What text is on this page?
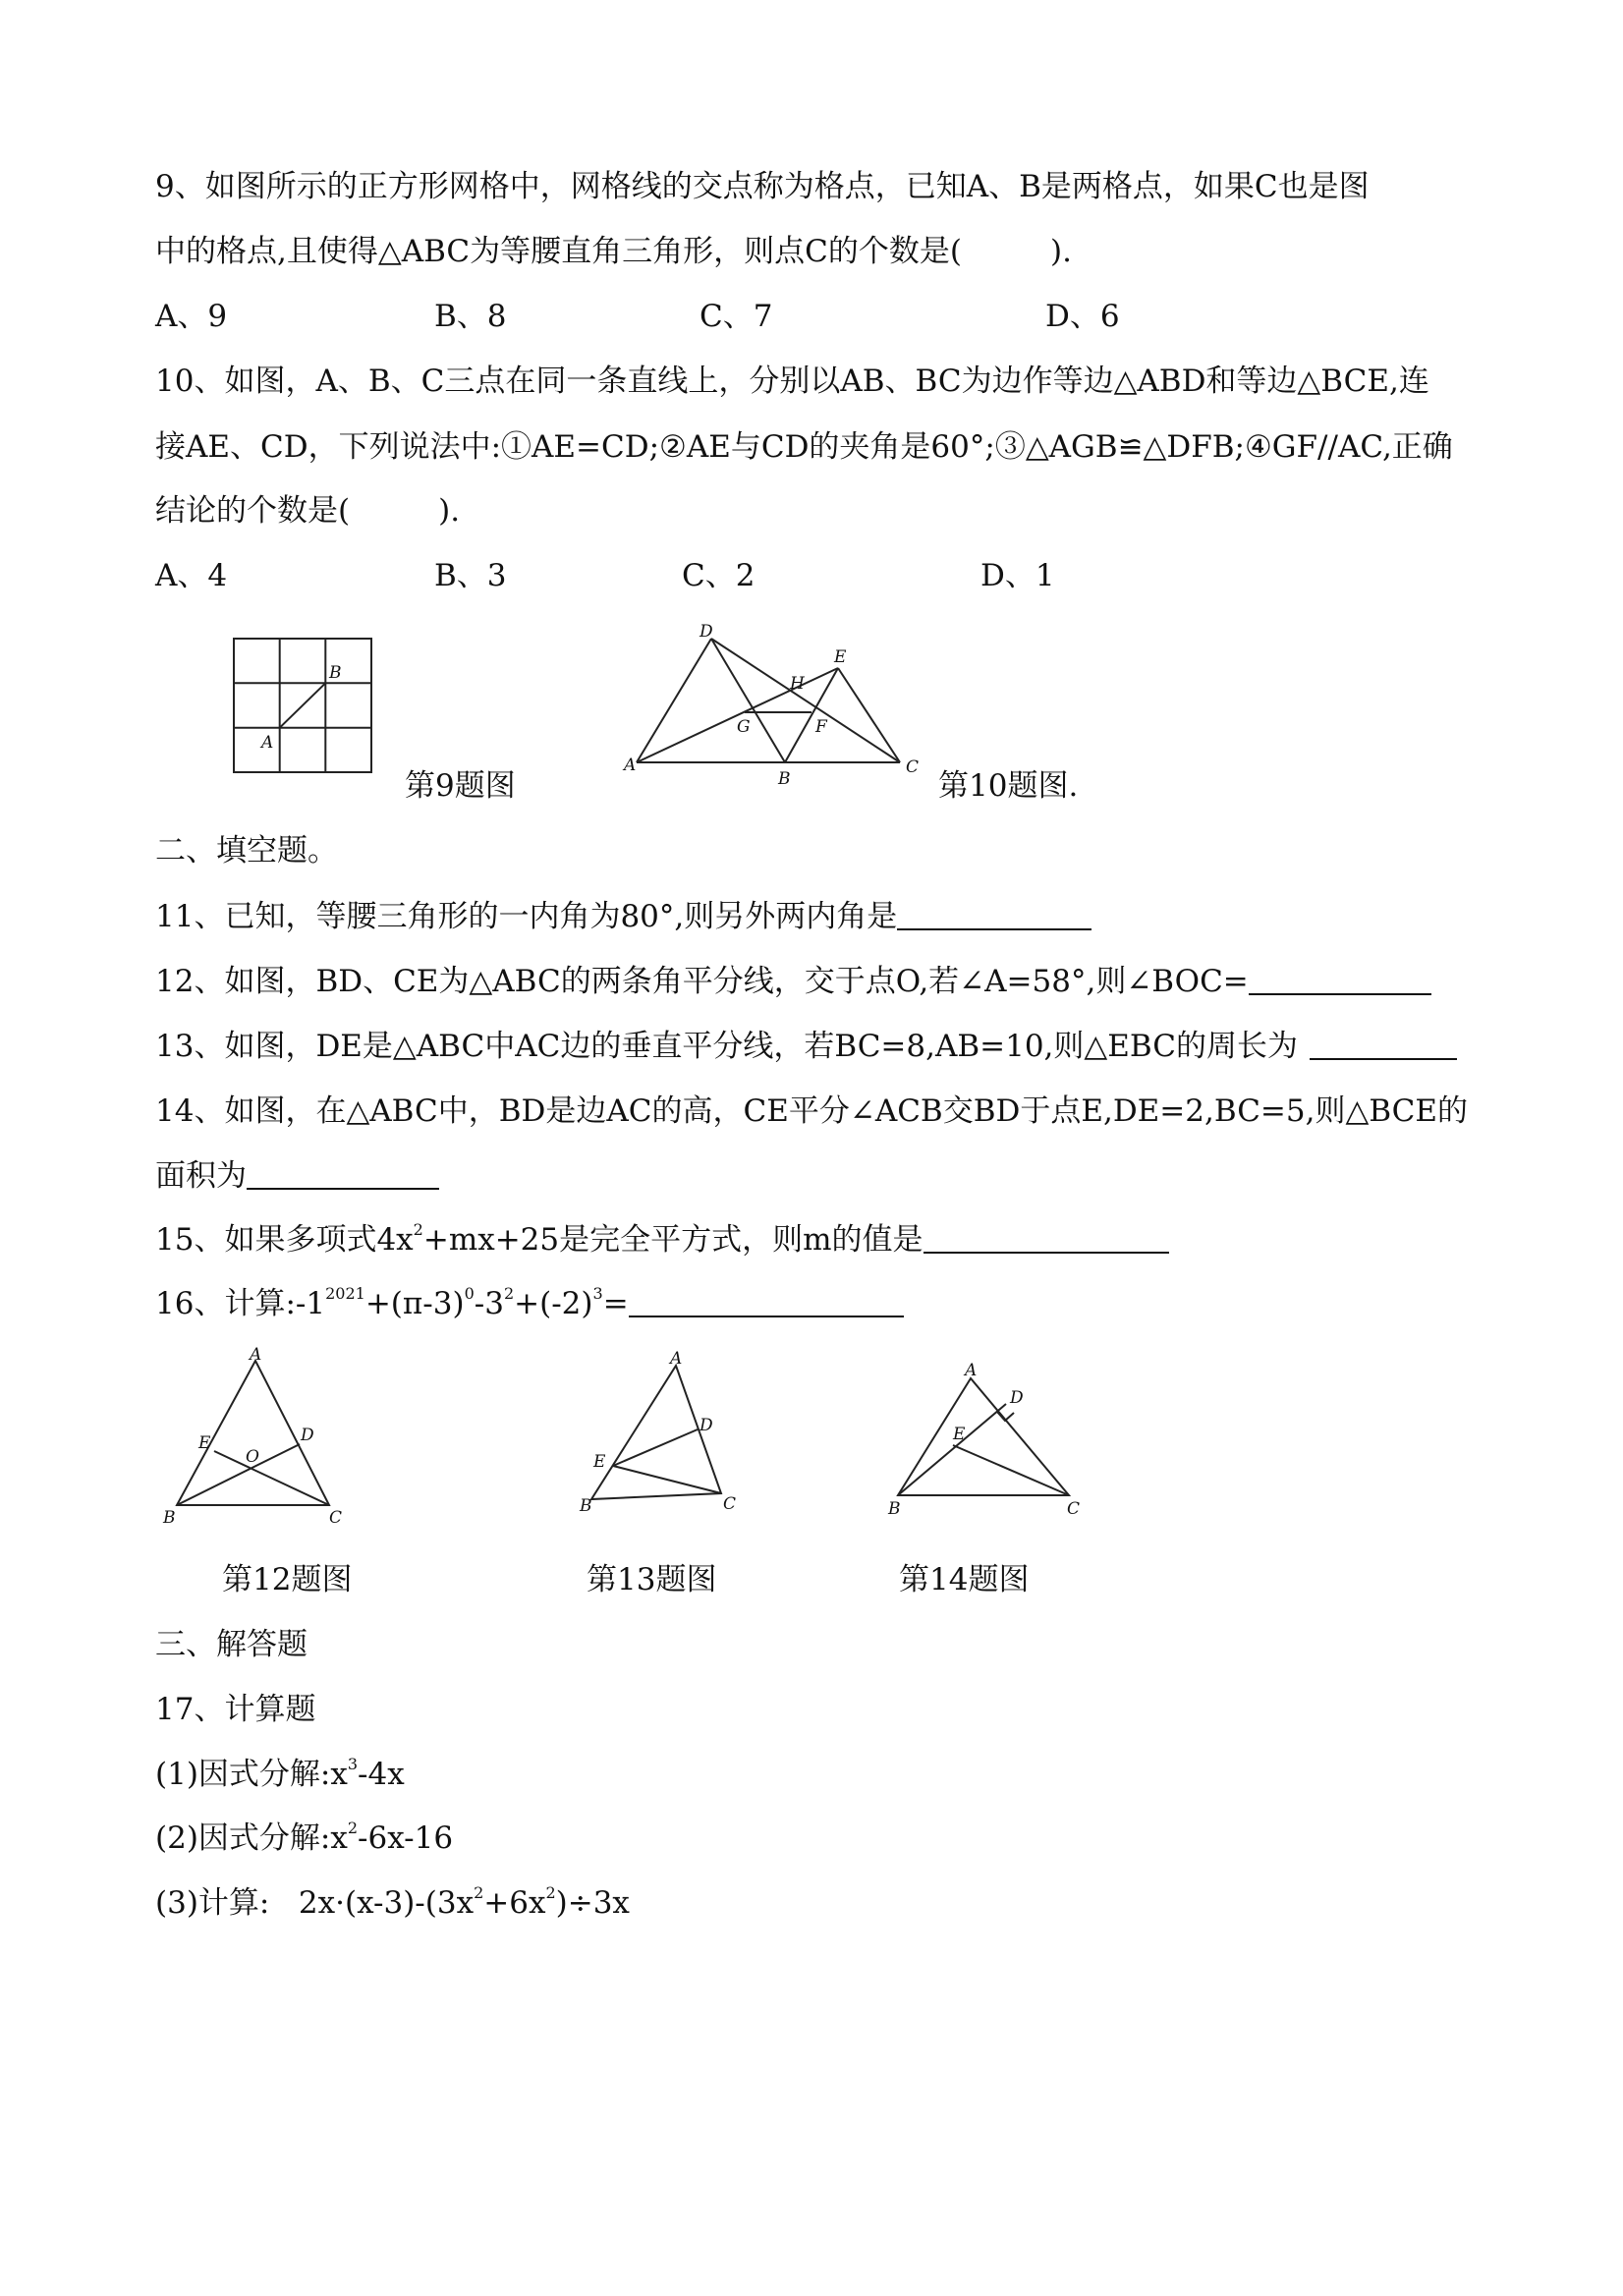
9、如图所示的正方形网格中，网格线的交点称为格点，已知A、B是两格点，如果C也是图
中的格点,且使得△ABC为等腰直角三角形，则点C的个数是(	).
A、9	B、8	C、7	D、6
10、如图，A、B、C三点在同一条直线上，分别以AB、BC为边作等边△ABD和等边△BCE,连
接AE、CD，下列说法中:①AE=CD;②AE与CD的夹角是60°;③△AGB≌△DFB;④GF//AC,正确
结论的个数是(	).
A、4	B、3	C、2	D、1
A
B
第9题图
A
B
C
D
E
F
G
H
第10题图.
二、填空题。
11、已知，等腰三角形的一内角为80°,则另外两内角是
12、如图，BD、CE为△ABC的两条角平分线，交于点O,若∠A=58°,则∠BOC=
13、如图，DE是△ABC中AC边的垂直平分线，若BC=8,AB=10,则△EBC的周长为
14、如图，在△ABC中，BD是边AC的高，CE平分∠ACB交BD于点E,DE=2,BC=5,则△BCE的
面积为
15、如果多项式$4x^2+mx+25$是完全平方式，则m的值是
16、计算$:-1^{2021}+(\pi-3)^0-3^2+(-2)^3=$
A
B	C
D
E
O
第12题图
A
B	C
D
E
第13题图
A
B	C
D
E
第14题图
三、解答题
17、计算题
(1)因式分解$:x^3-4x$
(2)因式分解$:x^2-6x-16$
(3)计算:   $2x\cdot(x-3)-(3x^2+6x^2)\div 3x$
